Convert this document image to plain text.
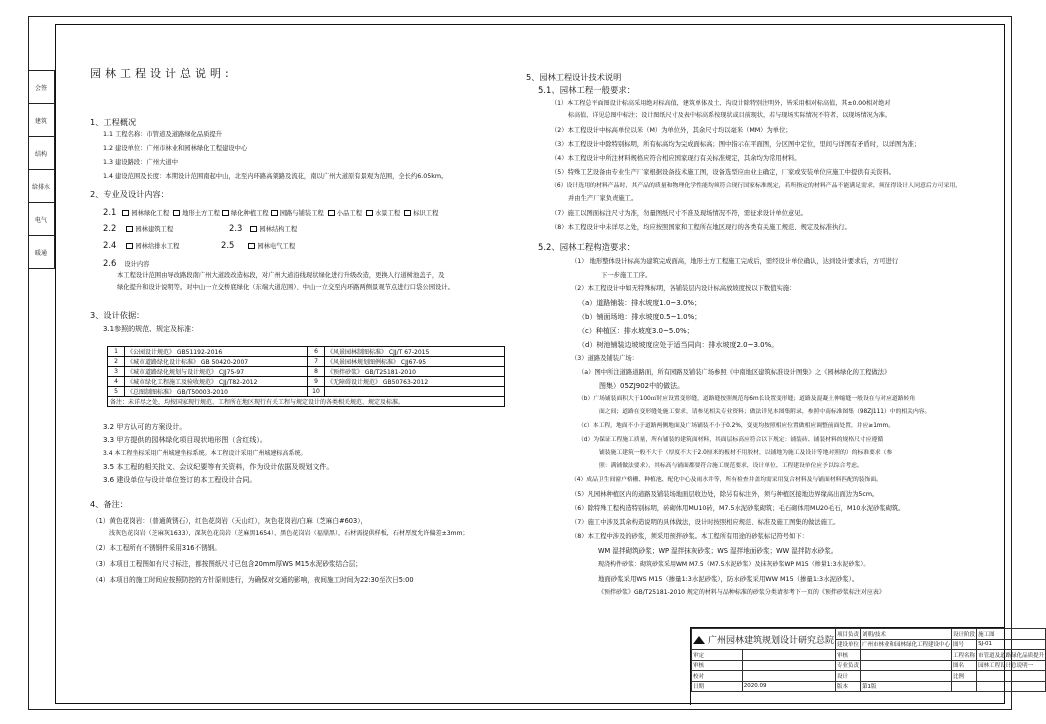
会签
建筑
结构
给排水
电气
暖通
园林工程设计总说明:
1、工程概况
1.1 工程名称：市管道及道路绿化品质提升
1.2 建设单位：广州市林业和园林绿化工程建设中心
1.3 建设路段：广州大道中
1.4 建设范围及长度：本期设计范围南起中山，北至内环路高架路及流花，南以广州大道原有景观为范围，全长约6.05km。
2、专业及设计内容：
2.1 园林绿化工程 地形土方工程 绿化种植工程 园路与铺装工程 小品工程 水景工程 标识工程
2.2	园林建筑工程	2.3	园林结构工程
2.4	园林给排水工程	2.5	园林电气工程
2.6 设计内容
本工程设计范围由导改路段南广州大道段改造标段，对广州大道沿线现状绿化进行升级改造，更换人行道树池盖子，及
绿化提升和设计说明等。对中山一立交桥底绿化（东端大道范围）、中山一立交至内环路两侧景观节点进行口袋公园设计。
3、设计依据：
3.1参照的规范、规定及标准：
1	《公园设计规范》 GB51192-2016	6	《风景园林制图标准》 CJJ/T 67-2015
2	《城市道路绿化设计标准》 GB 50420-2007	7	《风景园林规划图例标准》 CJJ67-95
3	《城市道路绿化规划与设计规范》 CJJ75-97	8	《预拌砂浆》 GB/T25181-2010
4	《城市绿化工程施工及验收规范》 CJJ/T82-2012	9	《无障碍设计规范》 GB50763-2012
5	《总图制图标准》 GB/T50003-2010	10	
备注：未详尽之处，均按国家现行规范、工程所在地区现行有关工程与规定设计的各类相关规范、规定及标准。			
3.2 甲方认可的方案设计。
3.3 甲方提供的园林绿化项目现状地形图（含红线）。
3.4 本工程坐标采用广州城建坐标系统。本工程设计采用广州城建标高系统。
3.5 本工程的相关批文、会议纪要等有关资料，作为设计依据及规划文件。
3.6 建设单位与设计单位签订的本工程设计合同。
4、备注：
（1）黄色花岗岩：（普通黄锈石），红色花岗岩（天山红），灰色花岗岩/白麻（芝麻白#603），
浅灰色花岗岩（芝麻灰1633），深灰色花岗岩（芝麻黑1654），黑色花岗岩（福鼎黑），石材需提供样板，石材厚度允许偏差±3mm；
（2）本工程所有不锈钢件采用316不锈钢。
（3）本项目工程图如有尺寸标注，都按图纸尺寸已包含20mm厚WS M15水泥砂浆结合层；
（4）本项目的施工时间应按照防控的方针原则进行，为确保对交通的影响，夜间施工时间为22:30至次日5:00
5、园林工程设计技术说明
5.1、园林工程一般要求：
（1）本工程总平面图设计标高采用绝对标高值，建筑单体及土、沟设计除特别注明外，皆采用相对标高值，其±0.00相对绝对
标高值，详见总图中标注；设计图纸尺寸及表中标高系按现状或目前现状，若与现场实际情况不符者，以现场情况为准。
（2）本工程设计中标高单位以米（M）为单位外，其余尺寸均以毫米（MM）为单位；
（3）本工程设计中除特别标明，所有标高均为完成面标高；图中指示在平面图，分区图中定位，里间与详图有矛盾时，以详图为准；
（4）本工程设计中所注材料规格应符合相应国家现行有关标准规定，其余均为常用材料。
（5）特殊工艺设备由专业生产厂家根据设备技术施工图，设备选型应由业主确定，厂家或安装单位应施工中提供有关资料。
（6）设计选用的材料产品时，其产品的质量和物理化学性能均须符合现行国家标准规定，若所指定的材料产品不能满足需求，须征得设计人同意后方可采用，
并由生产厂家负责施工。
（7）施工以图面标注尺寸为准，勿量图纸尺寸不准及现场情况不符，需征求设计单位意见。
（8）本工程设计中未详尽之处，均应按照国家和工程所在地区现行的各类有关施工规范、规定及标准执行。
5.2、园林工程构造要求：
（1） 地形整体设计标高为建筑完成面高，地形土方工程施工完成后，需经设计单位确认，达到设计要求后，方可进行
下一步施工工序。
（2）本工程设计中如无特殊标明，各铺装层内设计标高放坡度按以下数值实施：
（a）道路铺装：排水坡度1.0~3.0%；
（b）铺面场地：排水坡度0.5~1.0%；
（c）种植区：排水坡度3.0~5.0%；
（d）树池铺装边坡坡度应处于适当同向：排水坡度2.0~3.0%。
（3）道路及铺装广场：
（a）图中所注道路道路面，所有园路及铺装广场参照《中南地区建筑标准设计图集》之《园林绿化的工程做法》
图集）05ZJ902中的做法。
（b）广场铺装面积大于100㎡时应设置变形缝，道路缝按照规范每6m长设置变形缝；道路及混凝土伸缩缝一般设在与对应道路转角
面之间；道路在变形缝处施工要求，请参见相关专业资料；做法详见本图集附录，参照中南标准图集（98ZJ111）中的相关内容。
（c）本工程，地面不小于道路两侧地面及广场铺装不小于0.2%，变更均按照相应位置做相应调整前面处置，并应≥1mm。
（d）为保证工程施工质量，所有铺装的建筑面材料，其面层标高应符合以下规定：铺装砖、铺装材料的规格尺寸应遵循
铺装施工建筑一般不大于（厚度不大于2.0厘米的板材不用胶材，以铺地为施工及设计等地对照的）的标准要求（参
照：满铺做法要求），其标高与铺面都要符合施工规范要求，设计单位、工程建设单位应予以综合考虑。
（4）成品卫生间窗户格栅、种植池、配化中心及雨水井等，所有检查井盖均需采用复合材料及与铺面材料匹配的装饰面。
（5）凡园林种植区内的道路及铺装场地面层收边处，除另有标注外，须与种植区接地边界缘高出面边为5cm。
（6）除特殊工程构造特别标明，砖砌体用MU10砖，M7.5水泥砂浆砌筑；毛石砌体用MU20毛石，M10水泥砂浆砌筑。
（7）施工中涉及其余构造说明的具体做法，设计时按照相应规范、标准及施工图集的做法施工。
（8）本工程中涉及的砂浆，须采用预拌砂浆。本工程所有用途的砂浆标记符号如下：
WM 湿拌砌筑砂浆；WP 湿拌抹灰砂浆；WS 湿拌地面砂浆；WW 湿拌防水砂浆。
现浇构件砂浆：砌筑砂浆采用WM M7.5（M7.5水泥砂浆）及抹灰砂浆WP M15（掺量1:3水泥砂浆）。
地面砂浆采用WS M15（掺量1:3水泥砂浆），防水砂浆采用WW M15（掺量1:3水泥砂浆）。
《预拌砂浆》GB/T25181-2010 规定的材料与品种标准的砂浆分类请参考下一页的《预拌砂浆标注对应表》
广州园林建筑规划设计研究总院		项目负责	刘朝/技术	设计阶段	施工图
		建设单位	广州市林业和园林绿化工程建设中心	图号	SJ-01
审定		审核		工程名称	市管道及道路绿化品质提升
审核		专业负责		图名	园林工程设计总说明一
校对		设计		比例	
日期	2020.09	版本	第1版		
